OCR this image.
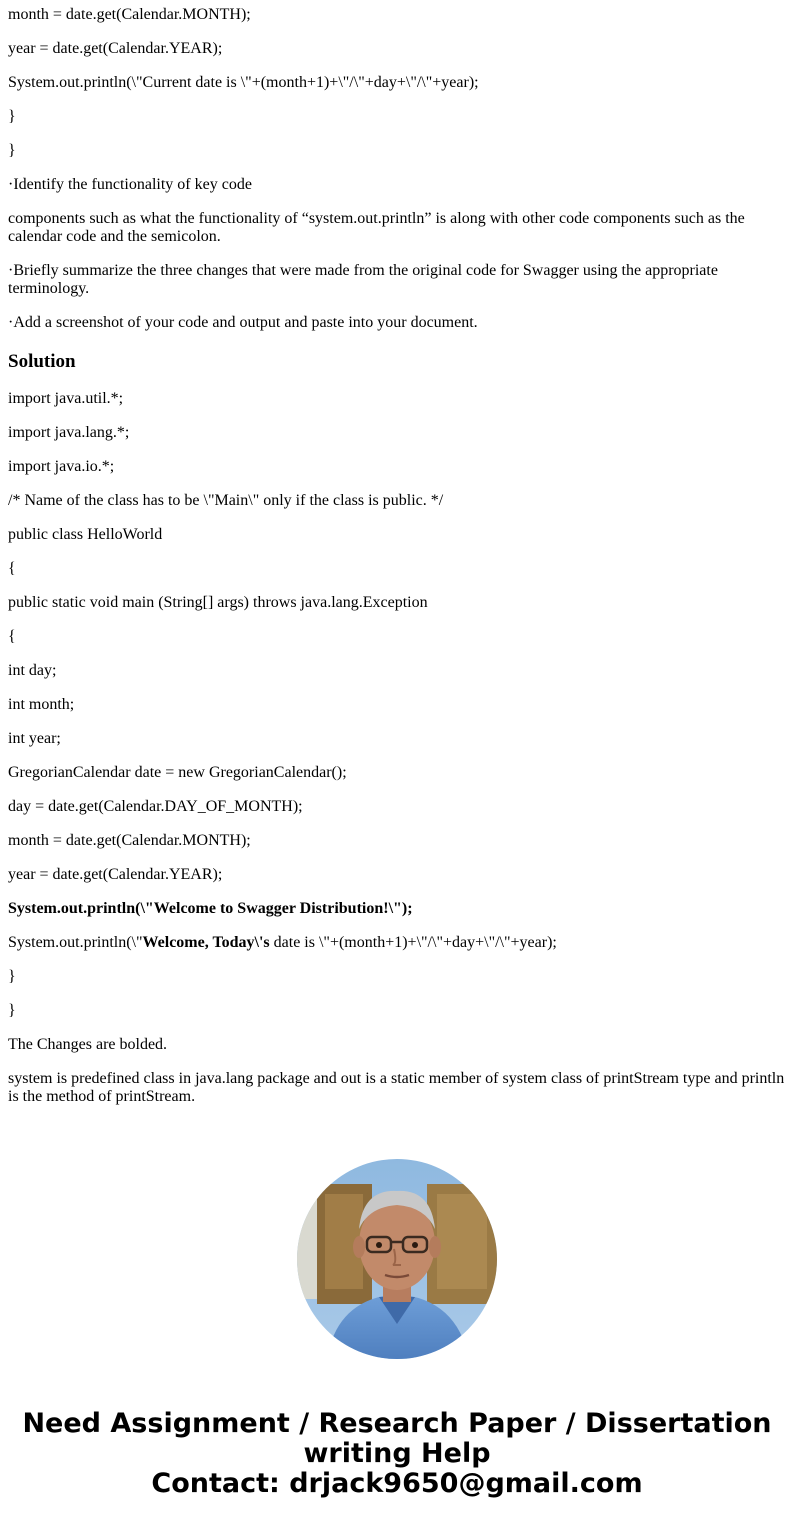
month = date.get(Calendar.MONTH);

year = date.get(Calendar.YEAR);

System.out.println(\"Current date is \"+(month+1)+\"/\"+day+\"/\"+year);

}

}

·Identify the functionality of key code

components such as what the functionality of “system.out.println” is along with other code components such as the calendar code and the semicolon.

·Briefly summarize the three changes that were made from the original code for Swagger using the appropriate terminology.

·Add a screenshot of your code and output and paste into your document.

Solution

import java.util.*;

import java.lang.*;

import java.io.*;

/* Name of the class has to be \"Main\" only if the class is public. */

public class HelloWorld

{

public static void main (String[] args) throws java.lang.Exception

{

int day;

int month;

int year;

GregorianCalendar date = new GregorianCalendar();

day = date.get(Calendar.DAY_OF_MONTH);

month = date.get(Calendar.MONTH);

year = date.get(Calendar.YEAR);

System.out.println(\"Welcome to Swagger Distribution!\");

System.out.println(\"Welcome, Today\'s date is \"+(month+1)+\"/\"+day+\"/\"+year);

}

}

The Changes are bolded.

system is predefined class in java.lang package and out is a static member of system class of printStream type and println is the method of printStream.

Need Assignment / Research Paper / Dissertation
writing Help
Contact: drjack9650@gmail.com
